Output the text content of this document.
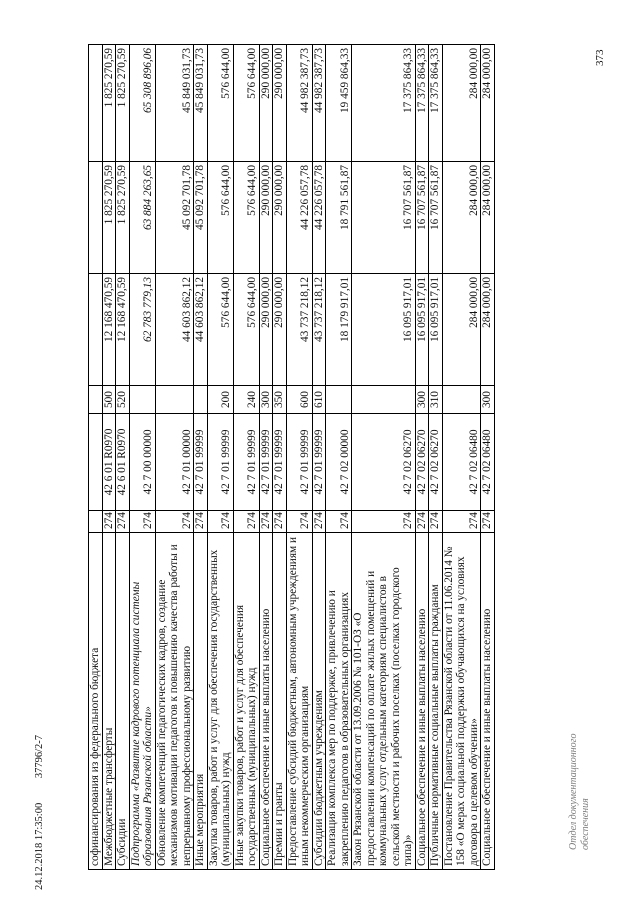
373
Отдел документационного обеспечения
24.12.2018 17:35:00 37796/2-7	софинансирования из федерального бюджета						
Межбюджетные трансферты	274	42 6 01 R0970	500	12 168 470,59	1 825 270,59	1 825 270,59
Субсидии	274	42 6 01 R0970	520	12 168 470,59	1 825 270,59	1 825 270,59
Подпрограмма «Развитие кадрового потенциала системы образования Рязанской области»	274	42 7 00 00000		62 783 779,13	63 884 263,65	65 308 896,06
Обновление компетенций педагогических кадров, создание механизмов мотивации педагогов к повышению качества работы и непрерывному профессиональному развитию	274	42 7 01 00000		44 603 862,12	45 092 701,78	45 849 031,73
Иные мероприятия	274	42 7 01 99999		44 603 862,12	45 092 701,78	45 849 031,73
Закупка товаров, работ и услуг для обеспечения государственных (муниципальных) нужд	274	42 7 01 99999	200	576 644,00	576 644,00	576 644,00
Иные закупки товаров, работ и услуг для обеспечения государственных (муниципальных) нужд	274	42 7 01 99999	240	576 644,00	576 644,00	576 644,00
Социальное обеспечение и иные выплаты населению	274	42 7 01 99999	300	290 000,00	290 000,00	290 000,00
Премии и гранты	274	42 7 01 99999	350	290 000,00	290 000,00	290 000,00
Предоставление субсидий бюджетным, автономным учреждениям и иным некоммерческим организациям	274	42 7 01 99999	600	43 737 218,12	44 226 057,78	44 982 387,73
Субсидии бюджетным учреждениям	274	42 7 01 99999	610	43 737 218,12	44 226 057,78	44 982 387,73
Реализация комплекса мер по поддержке, привлечению и закреплению педагогов в образовательных организациях	274	42 7 02 00000		18 179 917,01	18 791 561,87	19 459 864,33
Закон Рязанской области от 13.09.2006 № 101-ОЗ «О предоставлении компенсаций по оплате жилых помещений и коммунальных услуг отдельным категориям специалистов в сельской местности и рабочих поселках (поселках городского типа)»	274	42 7 02 06270		16 095 917,01	16 707 561,87	17 375 864,33
Социальное обеспечение и иные выплаты населению	274	42 7 02 06270	300	16 095 917,01	16 707 561,87	17 375 864,33
Публичные нормативные социальные выплаты гражданам	274	42 7 02 06270	310	16 095 917,01	16 707 561,87	17 375 864,33
Постановление Правительства Рязанской области от 11.06.2014 № 158 «О мерах социальной поддержки обучающихся на условиях договора о целевом обучении»	274	42 7 02 06480		284 000,00	284 000,00	284 000,00
Социальное обеспечение и иные выплаты населению	274	42 7 02 06480	300	284 000,00	284 000,00	284 000,00
